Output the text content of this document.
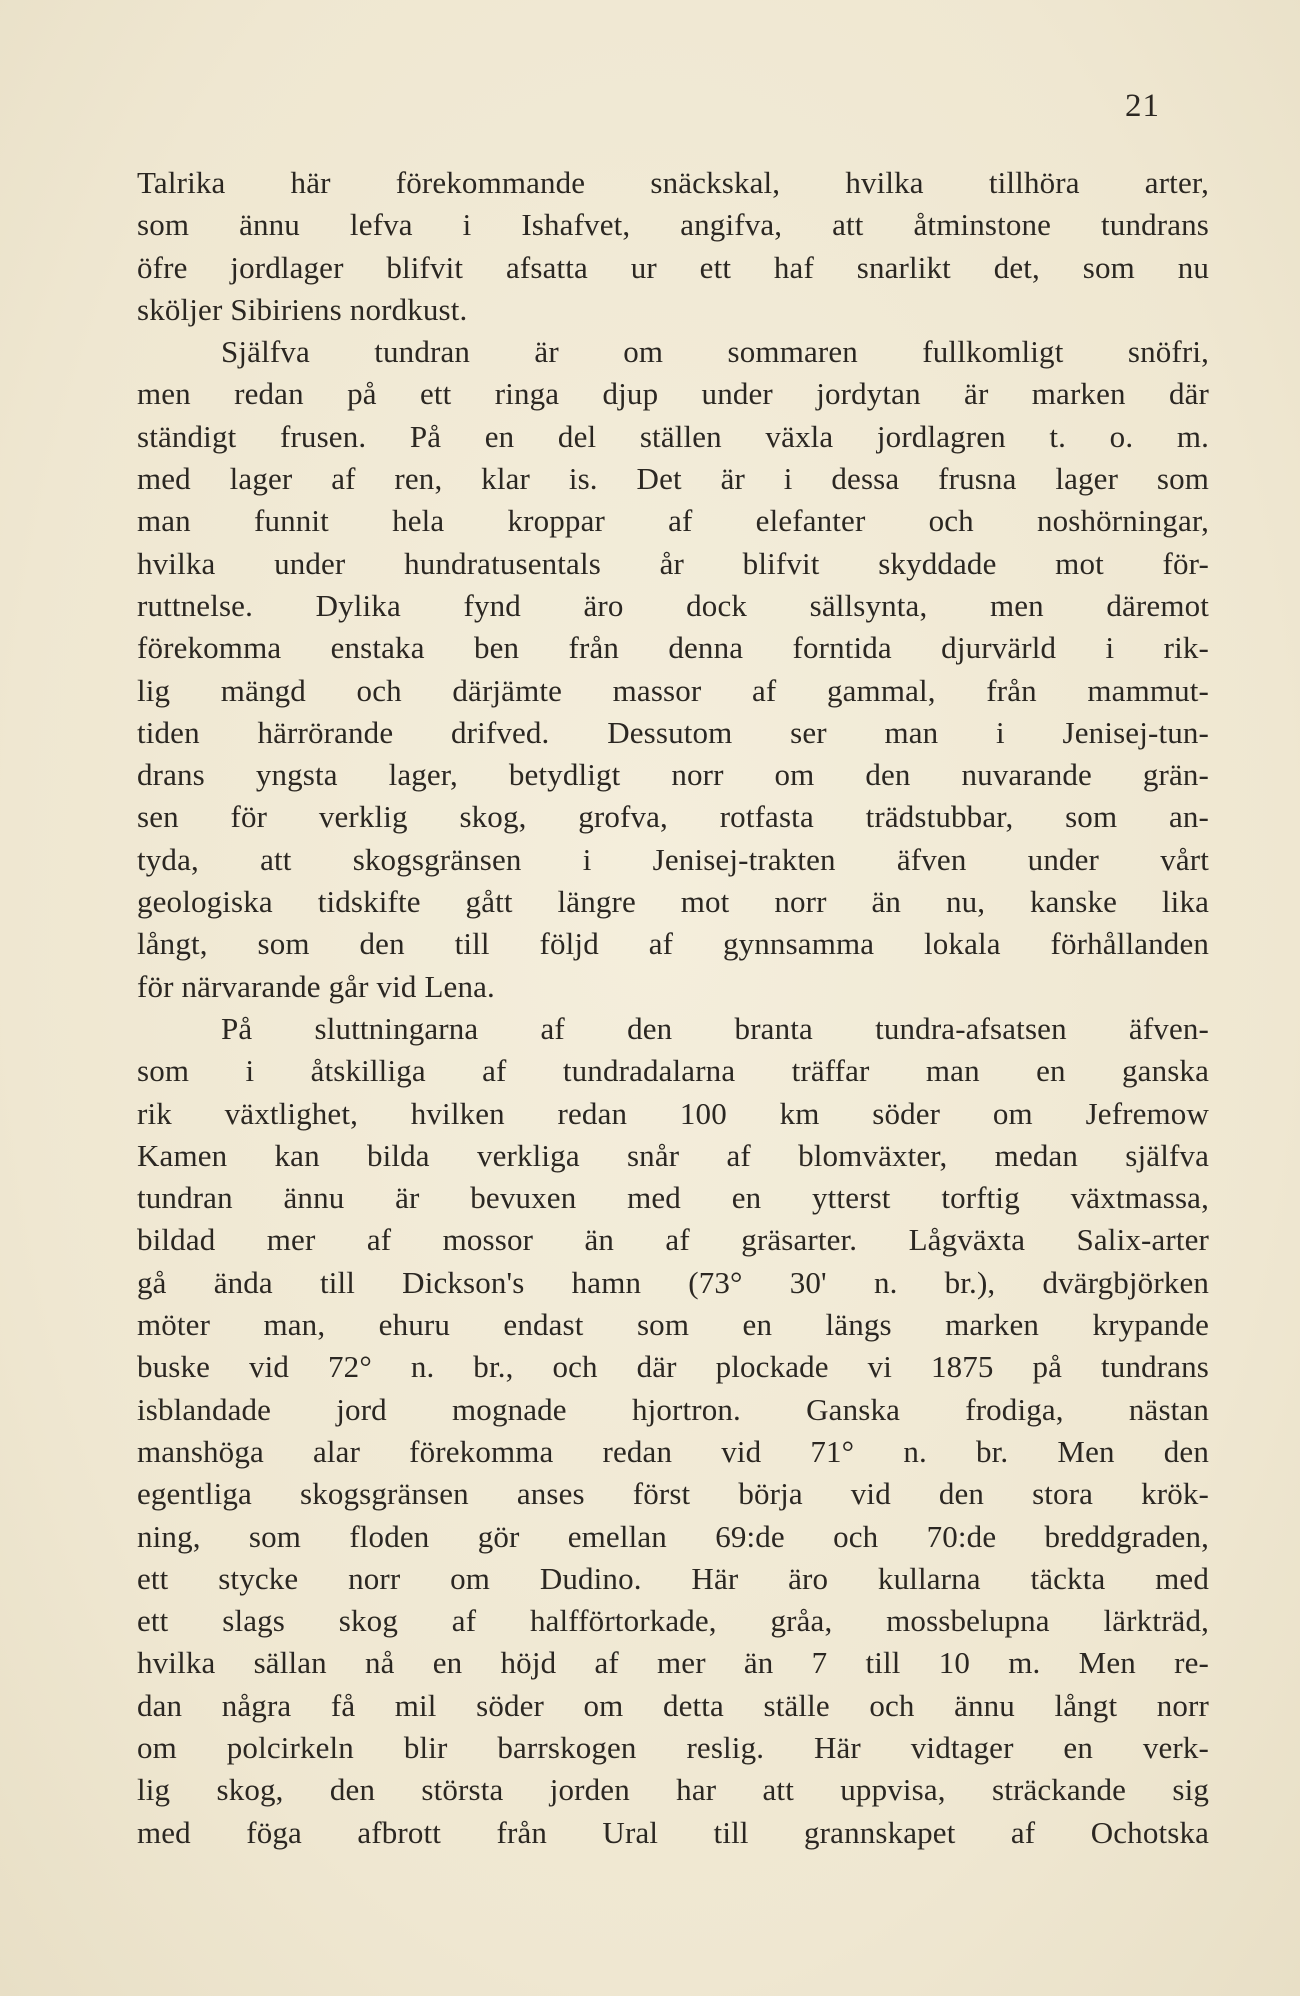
21
Talrika här förekommande snäckskal, hvilka tillhöra arter,
som ännu lefva i Ishafvet, angifva, att åtminstone tundrans
öfre jordlager blifvit afsatta ur ett haf snarlikt det, som nu
sköljer Sibiriens nordkust.
Själfva tundran är om sommaren fullkomligt snöfri,
men redan på ett ringa djup under jordytan är marken där
ständigt frusen. På en del ställen växla jordlagren t. o. m.
med lager af ren, klar is. Det är i dessa frusna lager som
man funnit hela kroppar af elefanter och noshörningar,
hvilka under hundratusentals år blifvit skyddade mot för-
ruttnelse. Dylika fynd äro dock sällsynta, men däremot
förekomma enstaka ben från denna forntida djurvärld i rik-
lig mängd och därjämte massor af gammal, från mammut-
tiden härrörande drifved. Dessutom ser man i Jenisej-tun-
drans yngsta lager, betydligt norr om den nuvarande grän-
sen för verklig skog, grofva, rotfasta trädstubbar, som an-
tyda, att skogsgränsen i Jenisej-trakten äfven under vårt
geologiska tidskifte gått längre mot norr än nu, kanske lika
långt, som den till följd af gynnsamma lokala förhållanden
för närvarande går vid Lena.
På sluttningarna af den branta tundra-afsatsen äfven-
som i åtskilliga af tundradalarna träffar man en ganska
rik växtlighet, hvilken redan 100 km söder om Jefremow
Kamen kan bilda verkliga snår af blomväxter, medan själfva
tundran ännu är bevuxen med en ytterst torftig växtmassa,
bildad mer af mossor än af gräsarter. Lågväxta Salix-arter
gå ända till Dickson's hamn (73° 30' n. br.), dvärgbjörken
möter man, ehuru endast som en längs marken krypande
buske vid 72° n. br., och där plockade vi 1875 på tundrans
isblandade jord mognade hjortron. Ganska frodiga, nästan
manshöga alar förekomma redan vid 71° n. br. Men den
egentliga skogsgränsen anses först börja vid den stora krök-
ning, som floden gör emellan 69:de och 70:de breddgraden,
ett stycke norr om Dudino. Här äro kullarna täckta med
ett slags skog af halfförtorkade, gråa, mossbelupna lärkträd,
hvilka sällan nå en höjd af mer än 7 till 10 m. Men re-
dan några få mil söder om detta ställe och ännu långt norr
om polcirkeln blir barrskogen reslig. Här vidtager en verk-
lig skog, den största jorden har att uppvisa, sträckande sig
med föga afbrott från Ural till grannskapet af Ochotska
